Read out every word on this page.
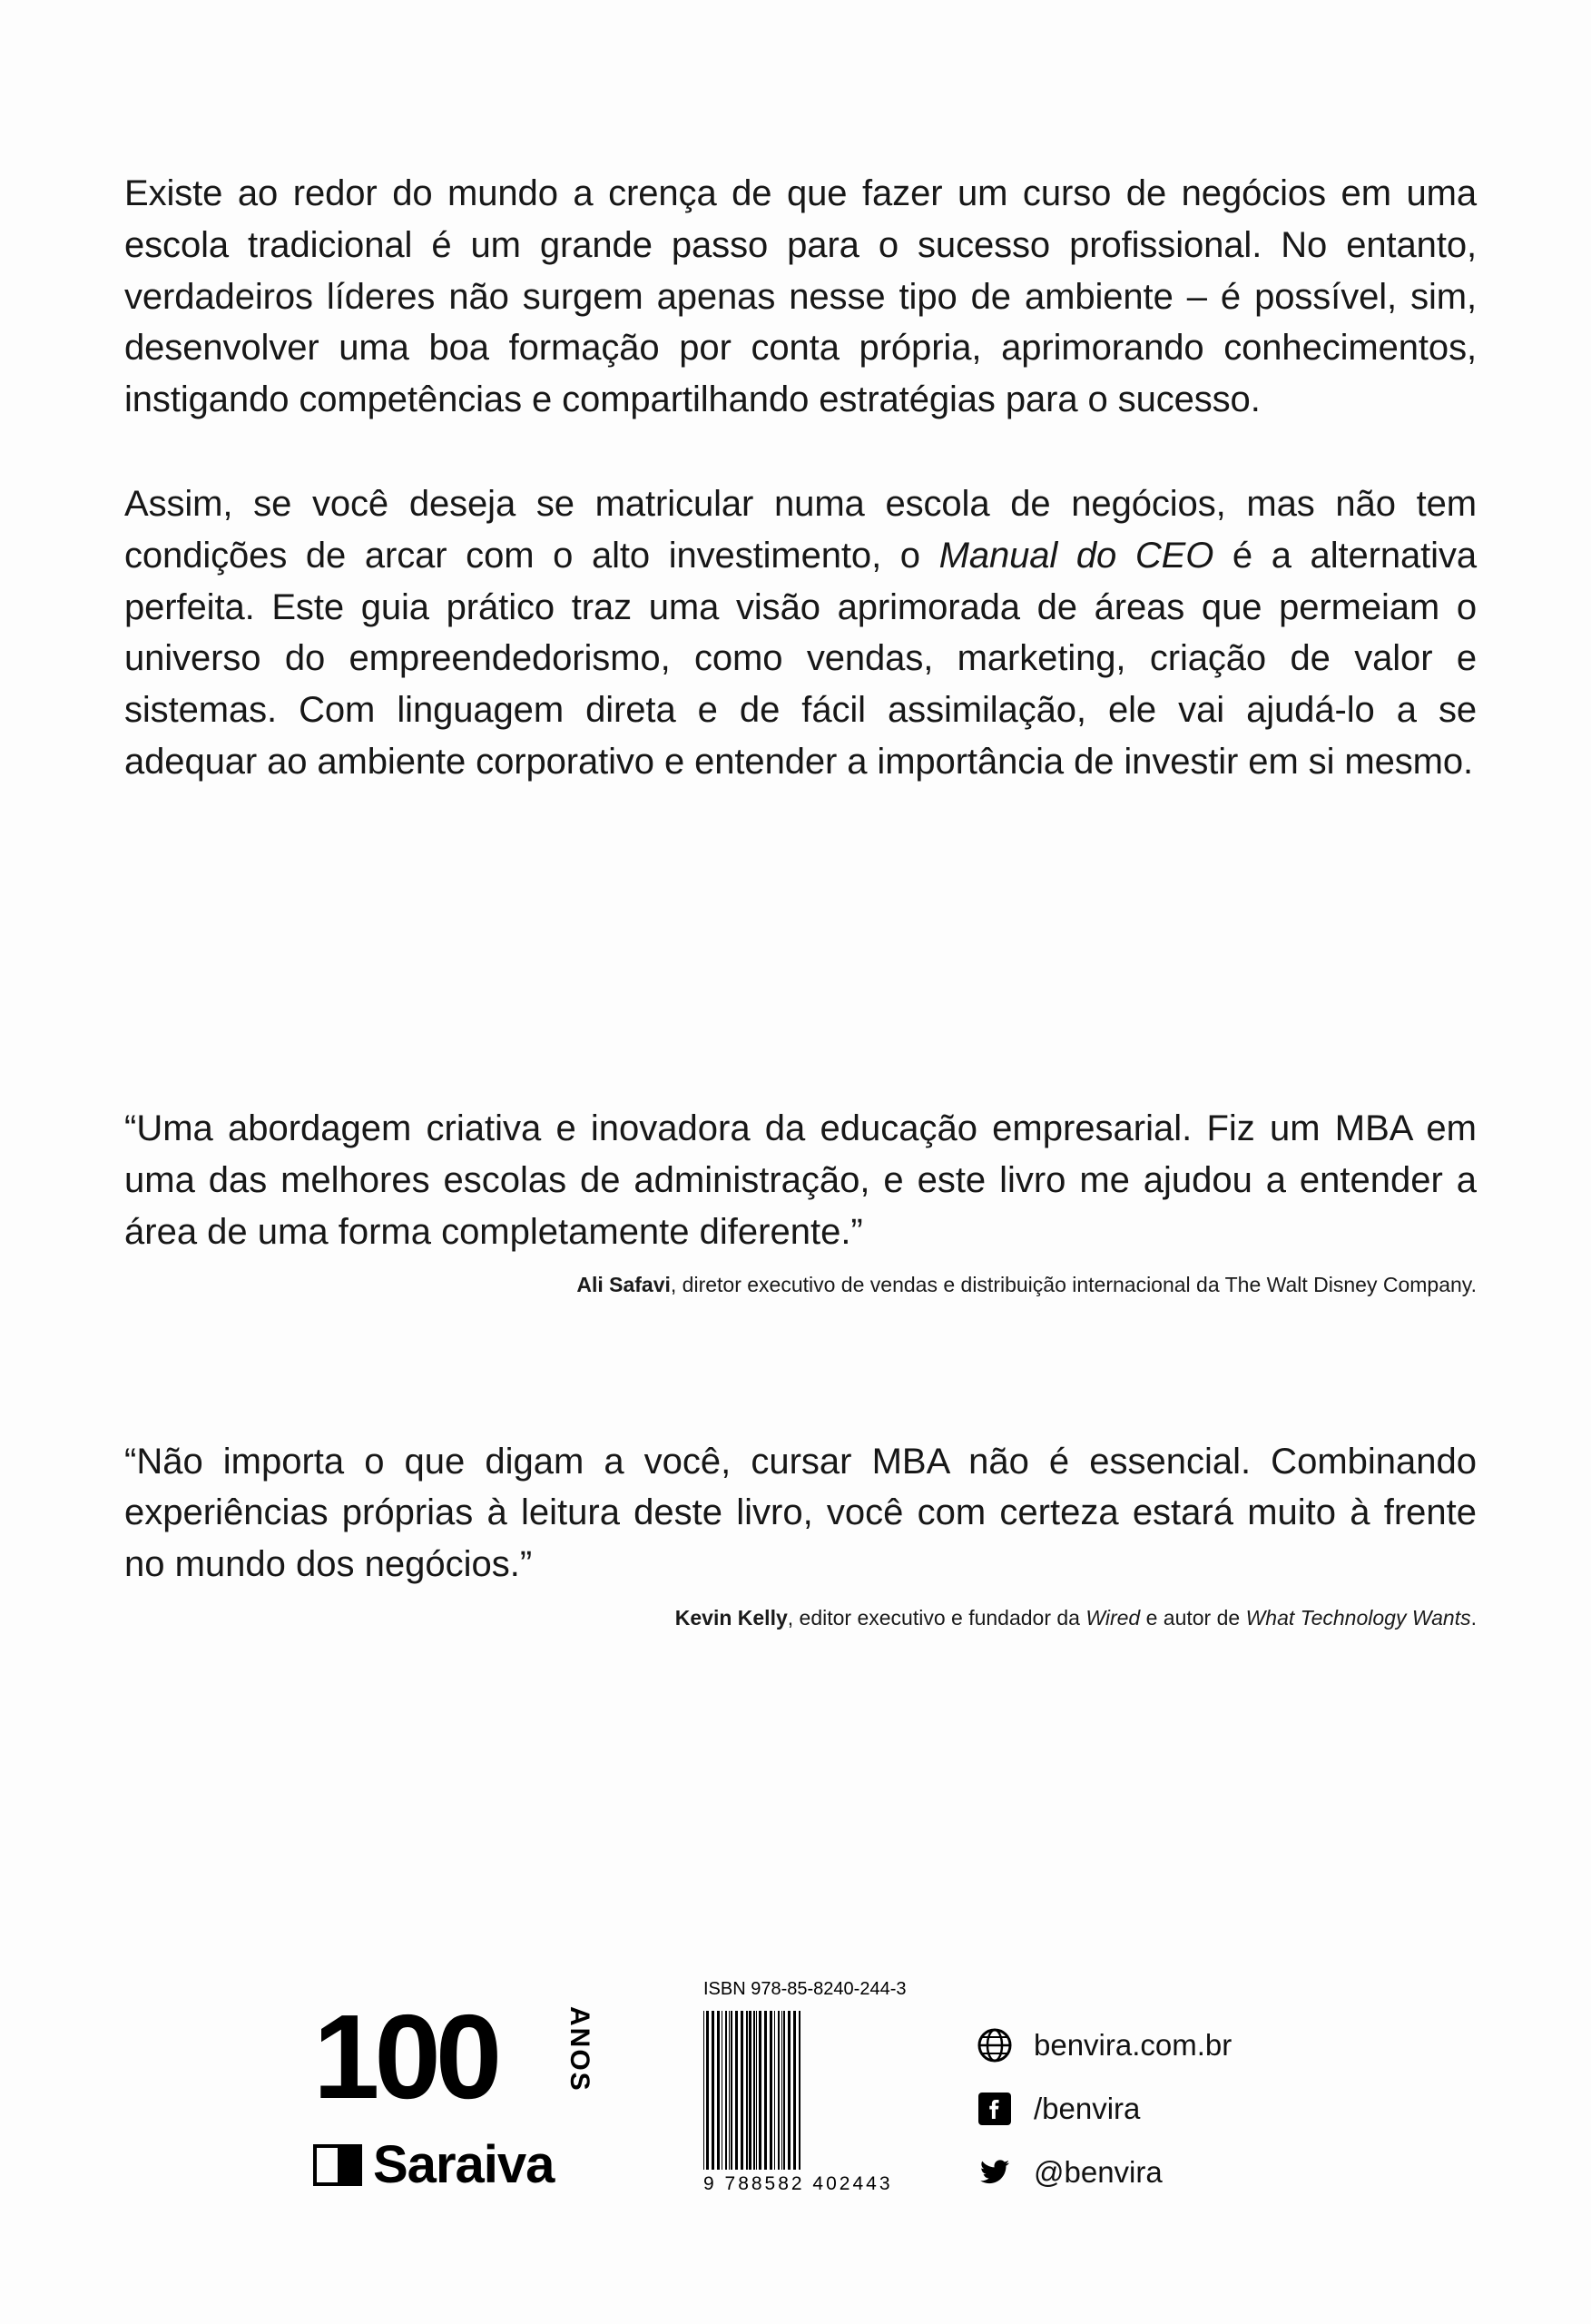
Existe ao redor do mundo a crença de que fazer um curso de negócios em uma escola tradicional é um grande passo para o sucesso profissional. No entanto, verdadeiros líderes não surgem apenas nesse tipo de ambiente – é possível, sim, desenvolver uma boa formação por conta própria, aprimorando conhecimentos, instigando competências e compartilhando estratégias para o sucesso.

Assim, se você deseja se matricular numa escola de negócios, mas não tem condições de arcar com o alto investimento, o Manual do CEO é a alternativa perfeita. Este guia prático traz uma visão aprimorada de áreas que permeiam o universo do empreendedorismo, como vendas, marketing, criação de valor e sistemas. Com linguagem direta e de fácil assimilação, ele vai ajudá-lo a se adequar ao ambiente corporativo e entender a importância de investir em si mesmo.

“Uma abordagem criativa e inovadora da educação empresarial. Fiz um MBA em uma das melhores escolas de administração, e este livro me ajudou a entender a área de uma forma completamente diferente.”

Ali Safavi, diretor executivo de vendas e distribuição internacional da The Walt Disney Company.

“Não importa o que digam a você, cursar MBA não é essencial. Combinando experiências próprias à leitura deste livro, você com certeza estará muito à frente no mundo dos negócios.”

Kevin Kelly, editor executivo e fundador da Wired e autor de What Technology Wants.
100 ANOS
Saraiva
ISBN 978-85-8240-244-3
9 788582 402443
benvira.com.br
/benvira
@benvira
